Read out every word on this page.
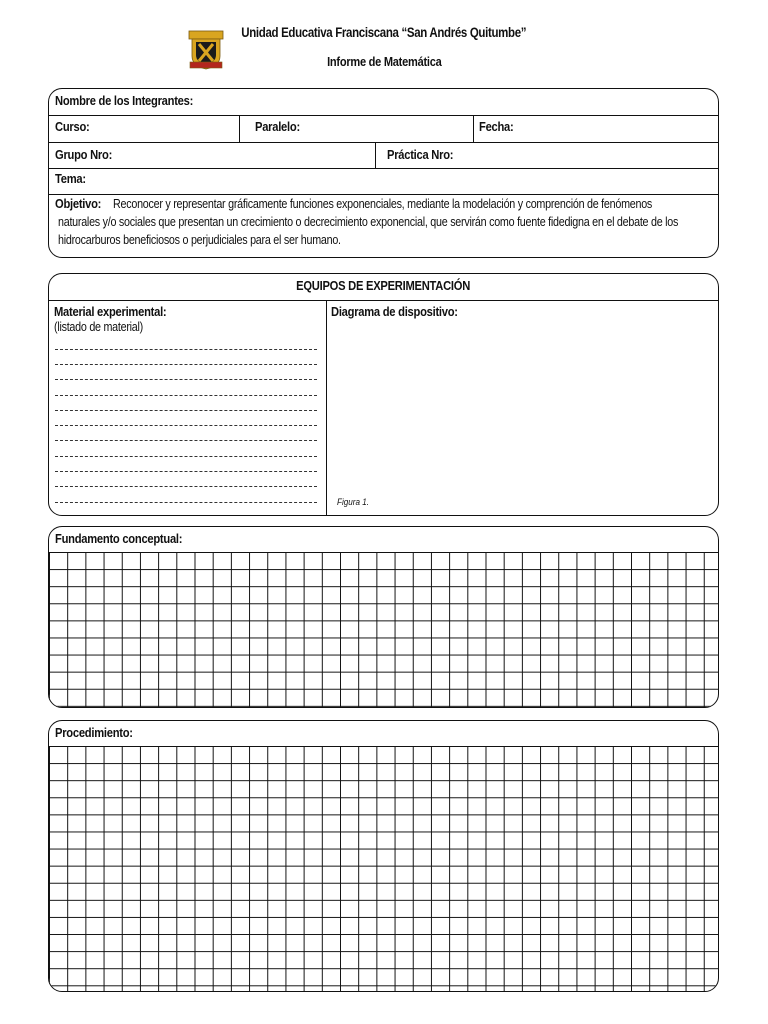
Unidad Educativa Franciscana “San Andrés Quitumbe”
Informe de Matemática
Nombre de los Integrantes:
Curso:	Paralelo:	Fecha:
Grupo Nro:	Práctica Nro:
Tema:
Objetivo: Reconocer y representar gráficamente funciones exponenciales, mediante la modelación y comprención de fenómenos
naturales y/o sociales que presentan un crecimiento o decrecimiento exponencial, que servirán como fuente fidedigna en el debate de los
hidrocarburos beneficiosos o perjudiciales para el ser humano.
EQUIPOS DE EXPERIMENTACIÓN
Material experimental:
(listado de material)
Diagrama de dispositivo:
Figura 1.
Fundamento conceptual:
Procedimiento:
